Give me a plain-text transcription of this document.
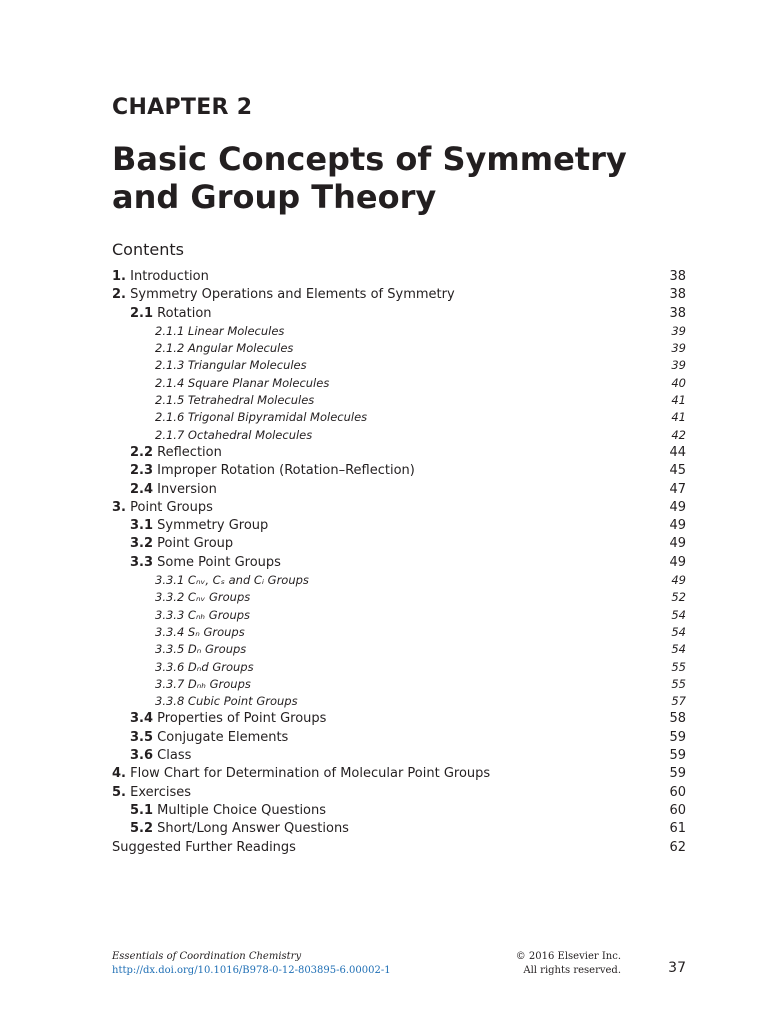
CHAPTER 2
Basic Concepts of Symmetry and Group Theory
Contents
1. Introduction	38
2. Symmetry Operations and Elements of Symmetry	38
2.1 Rotation	38
2.1.1 Linear Molecules	39
2.1.2 Angular Molecules	39
2.1.3 Triangular Molecules	39
2.1.4 Square Planar Molecules	40
2.1.5 Tetrahedral Molecules	41
2.1.6 Trigonal Bipyramidal Molecules	41
2.1.7 Octahedral Molecules	42
2.2 Reflection	44
2.3 Improper Rotation (Rotation–Reflection)	45
2.4 Inversion	47
3. Point Groups	49
3.1 Symmetry Group	49
3.2 Point Group	49
3.3 Some Point Groups	49
3.3.1 Cₙᵥ, Cₛ and Cᵢ Groups	49
3.3.2 Cₙᵥ Groups	52
3.3.3 Cₙₕ Groups	54
3.3.4 Sₙ Groups	54
3.3.5 Dₙ Groups	54
3.3.6 Dₙd Groups	55
3.3.7 Dₙₕ Groups	55
3.3.8 Cubic Point Groups	57
3.4 Properties of Point Groups	58
3.5 Conjugate Elements	59
3.6 Class	59
4. Flow Chart for Determination of Molecular Point Groups	59
5. Exercises	60
5.1 Multiple Choice Questions	60
5.2 Short/Long Answer Questions	61
Suggested Further Readings	62
Essentials of Coordination Chemistry
http://dx.doi.org/10.1016/B978-0-12-803895-6.00002-1
© 2016 Elsevier Inc.
All rights reserved.	37
